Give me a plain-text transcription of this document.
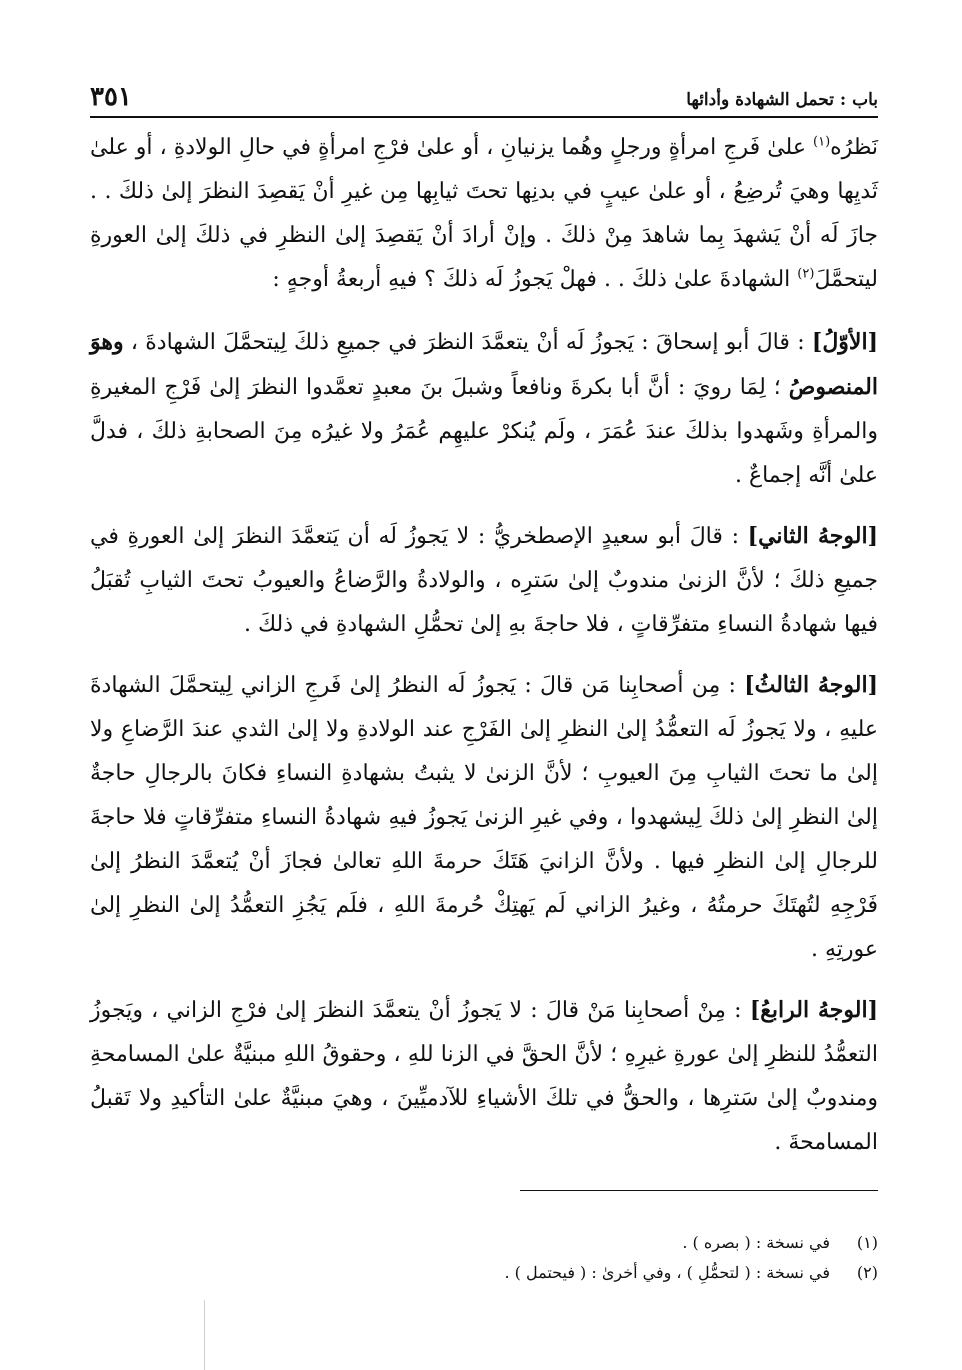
باب : تحمل الشهادة وأدائها
٣٥١

نَظرُه$^{(١)}$ علىٰ فَرجِ امرأةٍ ورجلٍ وهُما يزنيانِ ، أو علىٰ فرْجِ امرأةٍ في حالِ الولادةِ ، أو علىٰ ثَديِها وهيَ تُرضِعُ ، أو علىٰ عيبٍ في بدنِها تحتَ ثيابِها مِن غيرِ أنْ يَقصِدَ النظرَ إلىٰ ذلكَ . . جازَ لَه أنْ يَشهدَ بِما شاهدَ مِنْ ذلكَ . وإنْ أرادَ أنْ يَقصِدَ إلىٰ النظرِ في ذلكَ إلىٰ العورةِ ليتحمَّلَ$^{(٢)}$ الشهادةَ علىٰ ذلكَ . . فهلْ يَجوزُ لَه ذلكَ ؟ فيهِ أربعةُ أوجهٍ :

[الأوّلُ] : قالَ أبو إسحاقَ : يَجوزُ لَه أنْ يتعمَّدَ النظرَ في جميعِ ذلكَ لِيتحمَّلَ الشهادةَ ، وهوَ المنصوصُ ؛ لِمَا رويَ : أنَّ أبا بكرةَ ونافعاً وشبلَ بنَ معبدٍ تعمَّدوا النظرَ إلىٰ فَرْجِ المغيرةِ والمرأةِ وشَهدوا بذلكَ عندَ عُمَرَ ، ولَم يُنكرْ عليهِم عُمَرُ ولا غيرُه مِنَ الصحابةِ ذلكَ ، فدلَّ علىٰ أنَّه إجماعٌ .

[الوجهُ الثاني] : قالَ أبو سعيدٍ الإصطخريُّ : لا يَجوزُ لَه أن يَتعمَّدَ النظرَ إلىٰ العورةِ في جميعِ ذلكَ ؛ لأنَّ الزنىٰ مندوبٌ إلىٰ سَترِه ، والولادةُ والرَّضاعُ والعيوبُ تحتَ الثيابِ تُقبَلُ فيها شهادةُ النساءِ متفرِّقاتٍ ، فلا حاجةَ بهِ إلىٰ تحمُّلِ الشهادةِ في ذلكَ .

[الوجهُ الثالثُ] : مِن أصحابِنا مَن قالَ : يَجوزُ لَه النظرُ إلىٰ فَرجِ الزاني لِيتحمَّلَ الشهادةَ عليهِ ، ولا يَجوزُ لَه التعمُّدُ إلىٰ النظرِ إلىٰ الفَرْجِ عند الولادةِ ولا إلىٰ الثدي عندَ الرَّضاعِ ولا إلىٰ ما تحتَ الثيابِ مِنَ العيوبِ ؛ لأنَّ الزنىٰ لا يثبتُ بشهادةِ النساءِ فكانَ بالرجالِ حاجةٌ إلىٰ النظرِ إلىٰ ذلكَ لِيشهدوا ، وفي غيرِ الزنىٰ يَجوزُ فيهِ شهادةُ النساءِ متفرِّقاتٍ فلا حاجةَ للرجالِ إلىٰ النظرِ فيها . ولأنَّ الزانيَ هَتَكَ حرمةَ اللهِ تعالىٰ فجازَ أنْ يُتعمَّدَ النظرُ إلىٰ فَرْجِهِ لتُهتَكَ حرمتُهُ ، وغيرُ الزاني لَم يَهتِكْ حُرمةَ اللهِ ، فلَم يَجُزِ التعمُّدُ إلىٰ النظرِ إلىٰ عورتِهِ .

[الوجهُ الرابعُ] : مِنْ أصحابِنا مَنْ قالَ : لا يَجوزُ أنْ يتعمَّدَ النظرَ إلىٰ فرْجِ الزاني ، ويَجوزُ التعمُّدُ للنظرِ إلىٰ عورةِ غيرِهِ ؛ لأنَّ الحقَّ في الزنا للهِ ، وحقوقُ اللهِ مبنيَّةٌ علىٰ المسامحةِ ومندوبٌ إلىٰ سَترِها ، والحقُّ في تلكَ الأشياءِ للآدميِّينَ ، وهيَ مبنيَّةٌ علىٰ التأكيدِ ولا تَقبلُ المسامحةَ .

(١)
في نسخة : ( بصره ) .
(٢)
في نسخة : ( لتحمُّلِ ) ، وفي أخرىٰ : ( فيحتمل ) .
